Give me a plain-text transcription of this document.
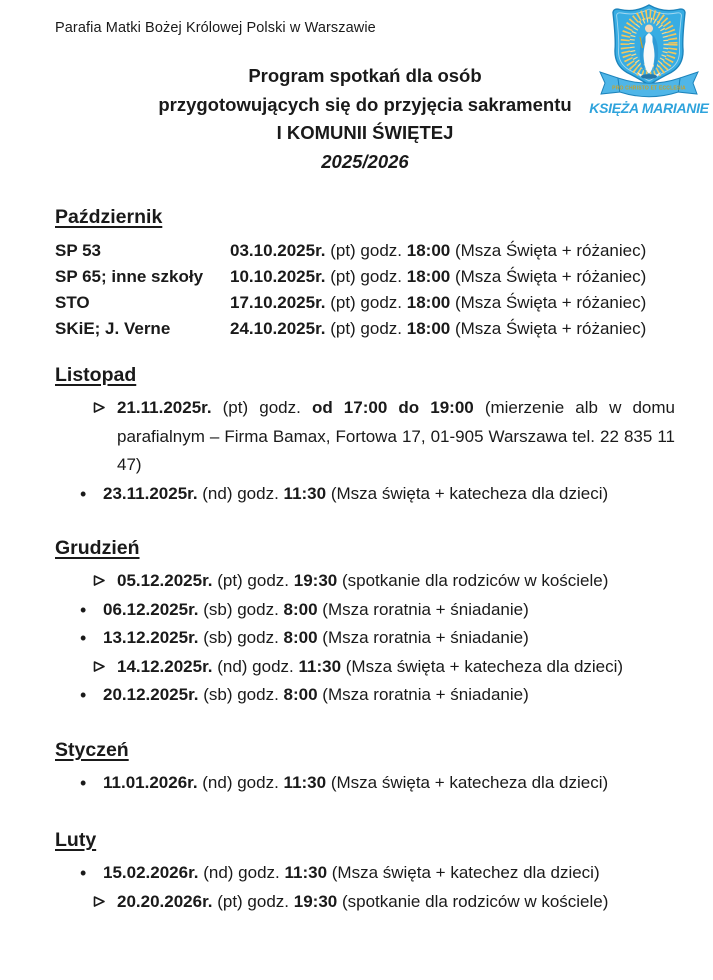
Parafia Matki Bożej Królowej Polski w Warszawie
PRO CHRISTO ET ECCLESIA
KSIĘŻA MARIANIE
Program spotkań dla osób
przygotowujących się do przyjęcia sakramentu
I KOMUNII ŚWIĘTEJ
2025/2026
Październik
SP 53	03.10.2025r. (pt) godz. 18:00 (Msza Święta + różaniec)
SP 65; inne szkoły	10.10.2025r. (pt) godz. 18:00 (Msza Święta + różaniec)
STO	17.10.2025r. (pt) godz. 18:00 (Msza Święta + różaniec)
SKiE; J. Verne	24.10.2025r. (pt) godz. 18:00 (Msza Święta + różaniec)
Listopad
21.11.2025r. (pt) godz. od 17:00 do 19:00 (mierzenie alb w domu parafialnym – Firma Bamax, Fortowa 17, 01-905 Warszawa tel. 22 835 11 47)
• 23.11.2025r. (nd) godz. 11:30 (Msza święta + katecheza dla dzieci)
Grudzień
05.12.2025r. (pt) godz. 19:30 (spotkanie dla rodziców w kościele)
• 06.12.2025r. (sb) godz. 8:00 (Msza roratnia + śniadanie)
• 13.12.2025r. (sb) godz. 8:00 (Msza roratnia + śniadanie)
14.12.2025r. (nd) godz. 11:30 (Msza święta + katecheza dla dzieci)
• 20.12.2025r. (sb) godz. 8:00 (Msza roratnia + śniadanie)
Styczeń
• 11.01.2026r. (nd) godz. 11:30 (Msza święta + katecheza dla dzieci)
Luty
• 15.02.2026r. (nd) godz. 11:30 (Msza święta + katechez dla dzieci)
20.20.2026r. (pt) godz. 19:30 (spotkanie dla rodziców w kościele)
